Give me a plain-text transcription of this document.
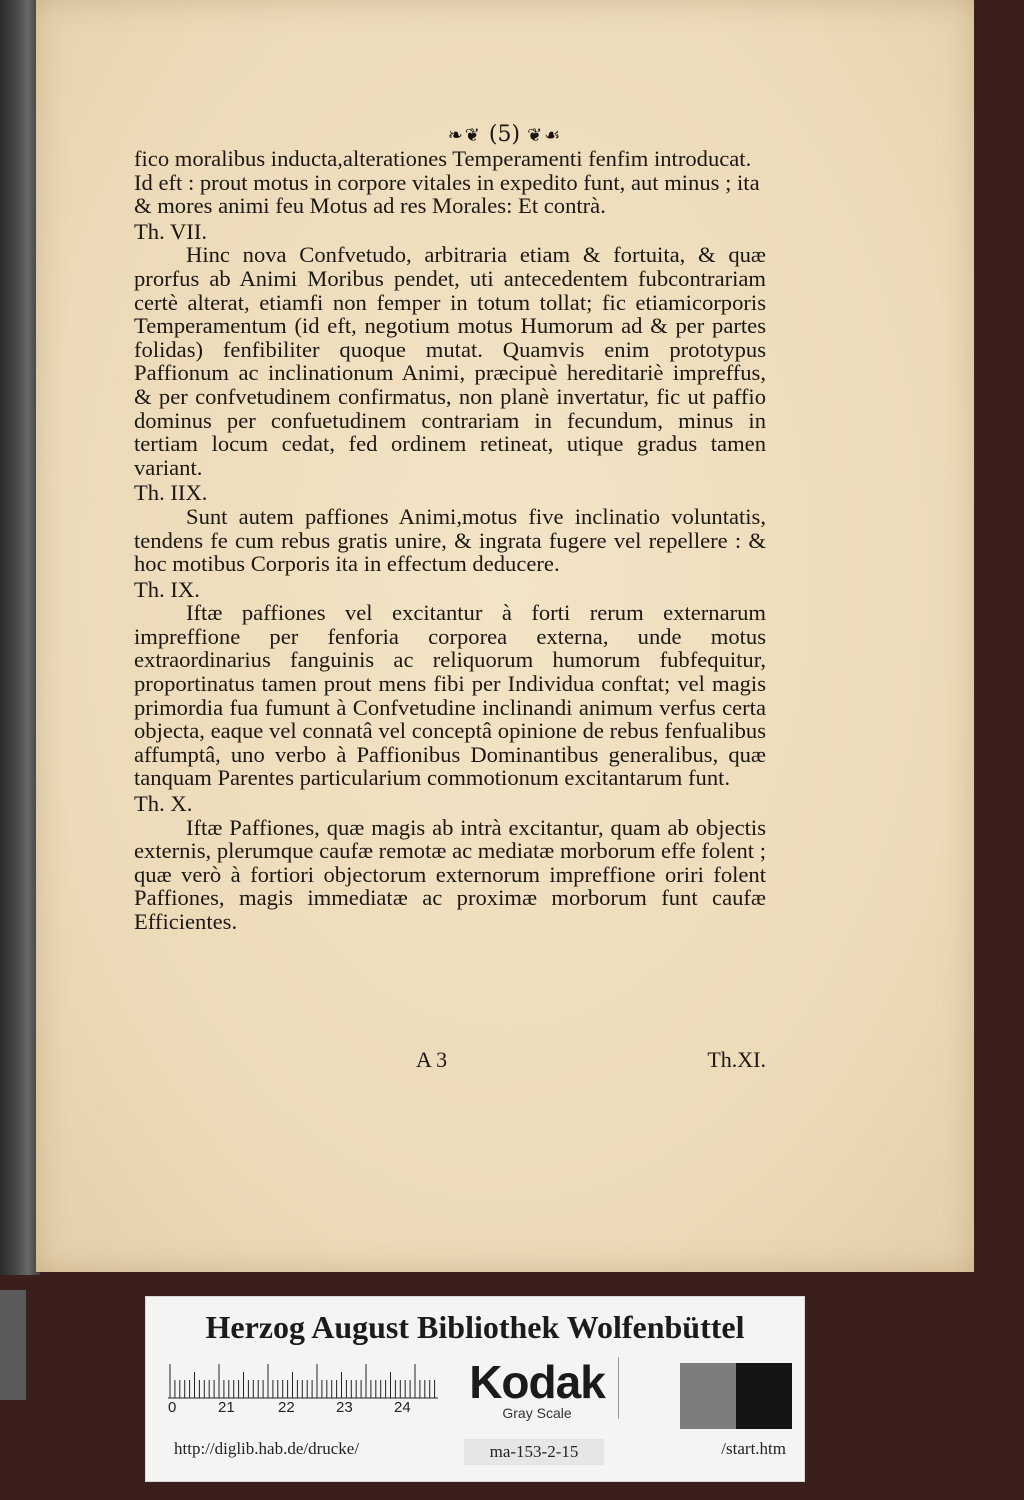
❧❦ (5) ❦☙

fico moralibus inducta,alterationes Temperamenti fenfim introducat. Id eft : prout motus in corpore vitales in expedito funt, aut minus ; ita & mores animi feu Motus ad res Morales: Et contrà.

Th. VII.

Hinc nova Confvetudo, arbitraria etiam & fortuita, & quæ prorfus ab Animi Moribus pendet, uti antecedentem fubcontrariam certè alterat, etiamfi non femper in totum tollat; fic etiamicorporis Temperamentum (id eft, negotium motus Humorum ad & per partes folidas) fenfibiliter quoque mutat. Quamvis enim prototypus Paffionum ac inclinationum Animi, præcipuè hereditariè impreffus, & per confvetudinem confirmatus, non planè invertatur, fic ut paffio dominus per confuetudinem contrariam in fecundum, minus in tertiam locum cedat, fed ordinem retineat, utique gradus tamen variant.

Th. IIX.

Sunt autem paffiones Animi,motus five inclinatio voluntatis, tendens fe cum rebus gratis unire, & ingrata fugere vel repellere : & hoc motibus Corporis ita in effectum deducere.

Th. IX.

Iftæ paffiones vel excitantur à forti rerum externarum impreffione per fenforia corporea externa, unde motus extraordinarius fanguinis ac reliquorum humorum fubfequitur, proportinatus tamen prout mens fibi per Individua conftat; vel magis primordia fua fumunt à Confvetudine inclinandi animum verfus certa objecta, eaque vel connatâ vel conceptâ opinione de rebus fenfualibus affumptâ, uno verbo à Paffionibus Dominantibus generalibus, quæ tanquam Parentes particularium commotionum excitantarum funt.

Th. X.

Iftæ Paffiones, quæ magis ab intrà excitantur, quam ab objectis externis, plerumque caufæ remotæ ac mediatæ morborum effe folent ; quæ verò à fortiori objectorum externorum impreffione oriri folent Paffiones, magis immediatæ ac proximæ morborum funt caufæ Efficientes.

A 3	Th.XI.
Herzog August Bibliothek Wolfenbüttel
0	21	22	23	24	Kodak
Gray Scale
http://diglib.hab.de/drucke/	ma-153-2-15	/start.htm
